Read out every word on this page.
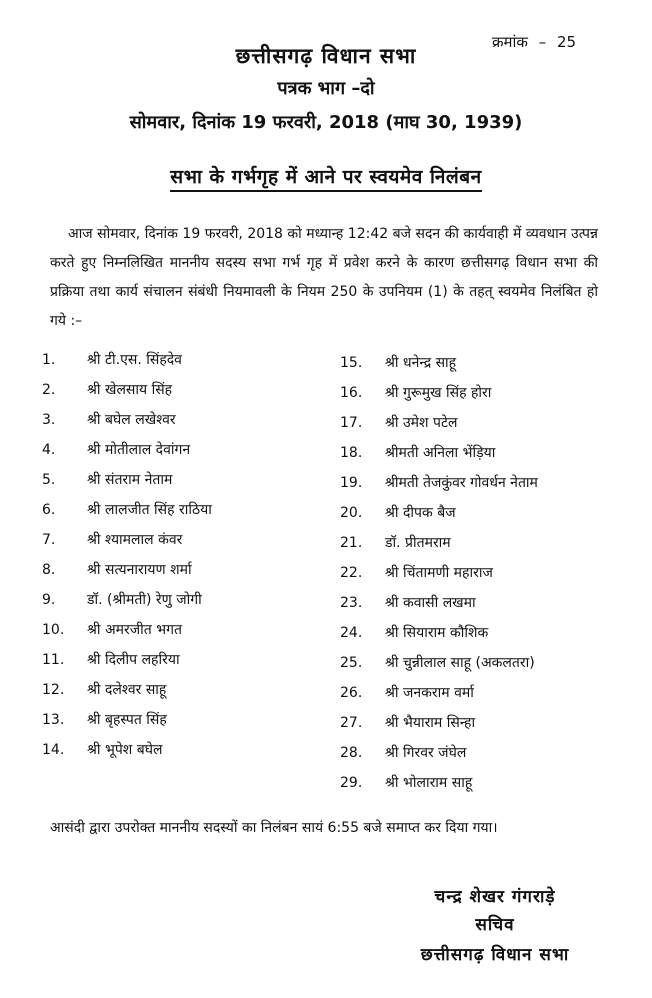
क्रमांक – 25
छत्तीसगढ़ विधान सभा
पत्रक भाग –दो
सोमवार, दिनांक 19 फरवरी, 2018 (माघ 30, 1939)
सभा के गर्भगृह में आने पर स्वयमेव निलंबन
आज सोमवार, दिनांक 19 फरवरी, 2018 को मध्यान्ह 12:42 बजे सदन की कार्यवाही में व्यवधान उत्पन्न करते हुए निम्नलिखित माननीय सदस्य सभा गर्भ गृह में प्रवेश करने के कारण छत्तीसगढ़ विधान सभा की प्रक्रिया तथा कार्य संचालन संबंधी नियमावली के नियम 250 के उपनियम (1) के तहत् स्वयमेव निलंबित हो गये :–
1. श्री टी.एस. सिंहदेव
2. श्री खेलसाय सिंह
3. श्री बघेल लखेश्वर
4. श्री मोतीलाल देवांगन
5. श्री संतराम नेताम
6. श्री लालजीत सिंह राठिया
7. श्री श्यामलाल कंवर
8. श्री सत्यनारायण शर्मा
9. डॉ. (श्रीमती) रेणु जोगी
10. श्री अमरजीत भगत
11. श्री दिलीप लहरिया
12. श्री दलेश्वर साहू
13. श्री बृहस्पत सिंह
14. श्री भूपेश बघेल
15. श्री धनेन्द्र साहू
16. श्री गुरूमुख सिंह होरा
17. श्री उमेश पटेल
18. श्रीमती अनिला भेंड़िया
19. श्रीमती तेजकुंवर गोवर्धन नेताम
20. श्री दीपक बैज
21. डॉ. प्रीतमराम
22. श्री चिंतामणी महाराज
23. श्री कवासी लखमा
24. श्री सियाराम कौशिक
25. श्री चुन्नीलाल साहू (अकलतरा)
26. श्री जनकराम वर्मा
27. श्री भैयाराम सिन्हा
28. श्री गिरवर जंघेल
29. श्री भोलाराम साहू
आसंदी द्वारा उपरोक्त माननीय सदस्यों का निलंबन सायं 6:55 बजे समाप्त कर दिया गया।
चन्द्र शेखर गंगराड़े
सचिव
छत्तीसगढ़ विधान सभा
